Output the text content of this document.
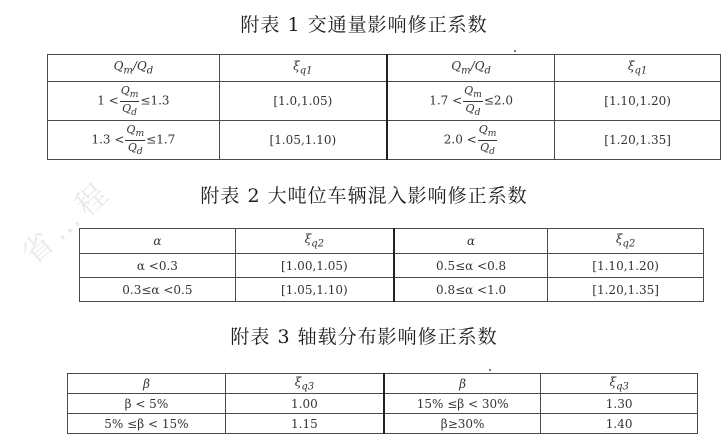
省…程
附表 1 交通量影响修正系数
$Q_m/Q_d$	$\xi_{q1}$	$Q_m/Q_d$	$\xi_{q1}$
$1 < \frac{Q_m}{Q_d} \le 1.3$	[1.0,1.05)	$1.7 < \frac{Q_m}{Q_d} \le 2.0$	[1.10,1.20)
$1.3 < \frac{Q_m}{Q_d} \le 1.7$	[1.05,1.10)	$2.0 < \frac{Q_m}{Q_d}$	[1.20,1.35]
附表 2 大吨位车辆混入影响修正系数
α	$\xi_{q2}$	α	$\xi_{q2}$
α <0.3	[1.00,1.05)	0.5≤α <0.8	[1.10,1.20)
0.3≤α <0.5	[1.05,1.10)	0.8≤α <1.0	[1.20,1.35]
附表 3 轴载分布影响修正系数
β	$\xi_{q3}$	β	$\xi_{q3}$
β < 5%	1.00	15% ≤β < 30%	1.30
5% ≤β < 15%	1.15	β≥30%	1.40
